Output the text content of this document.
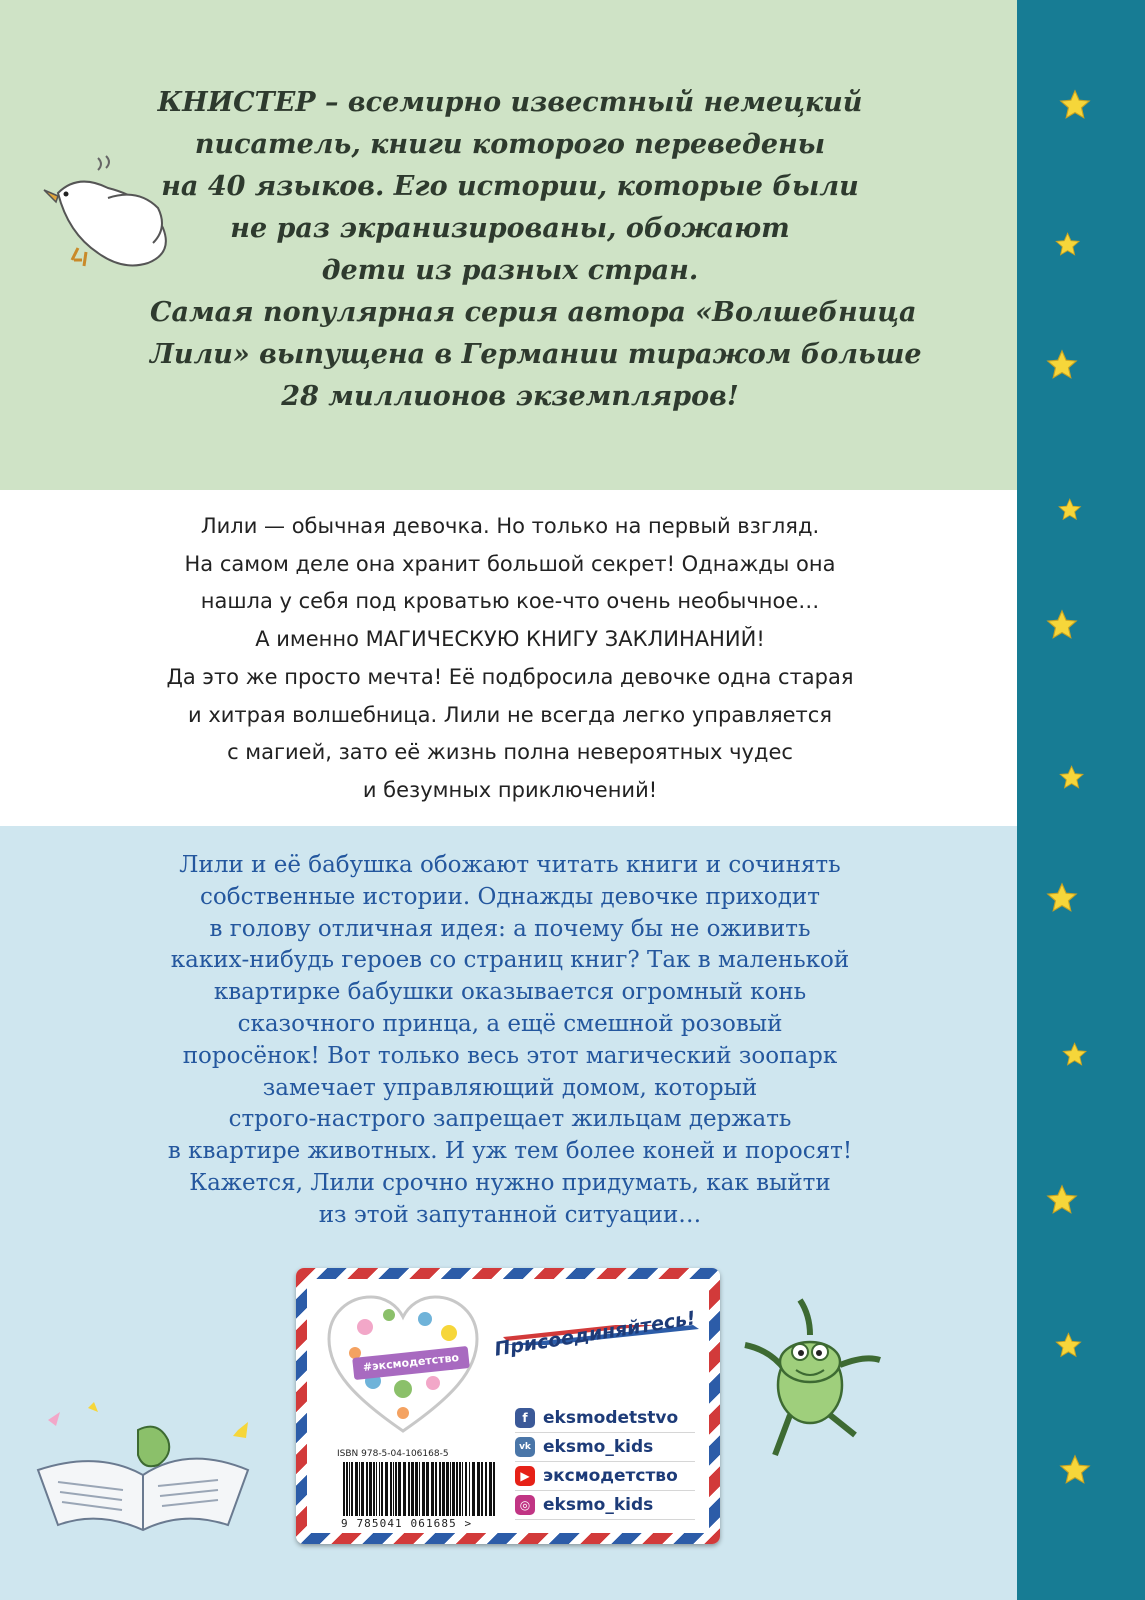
КНИСТЕР – всемирно известный немецкий

писатель, книги которого переведены

на 40 языков. Его истории, которые были

не раз экранизированы, обожают

дети из разных стран.

Самая популярная серия автора «Волшебница

Лили» выпущена в Германии тиражом больше

28 миллионов экземпляров!

Лили — обычная девочка. Но только на первый взгляд.

На самом деле она хранит большой секрет! Однажды она

нашла у себя под кроватью кое-что очень необычное…

А именно МАГИЧЕСКУЮ КНИГУ ЗАКЛИНАНИЙ!

Да это же просто мечта! Её подбросила девочке одна старая

и хитрая волшебница. Лили не всегда легко управляется

с магией, зато её жизнь полна невероятных чудес

и безумных приключений!

Лили и её бабушка обожают читать книги и сочинять

собственные истории. Однажды девочке приходит

в голову отличная идея: а почему бы не оживить

каких-нибудь героев со страниц книг? Так в маленькой

квартирке бабушки оказывается огромный конь

сказочного принца, а ещё смешной розовый

поросёнок! Вот только весь этот магический зоопарк

замечает управляющий домом, который

строго-настрого запрещает жильцам держать

в квартире животных. И уж тем более коней и поросят!

Кажется, Лили срочно нужно придумать, как выйти

из этой запутанной ситуации…

#эксмодетство
ISBN 978-5-04-106168-5
9 785041 061685 >
Присоединяйтесь!
f eksmodetstvo
vk eksmo_kids
▶ эксмодетство
◎ eksmo_kids
